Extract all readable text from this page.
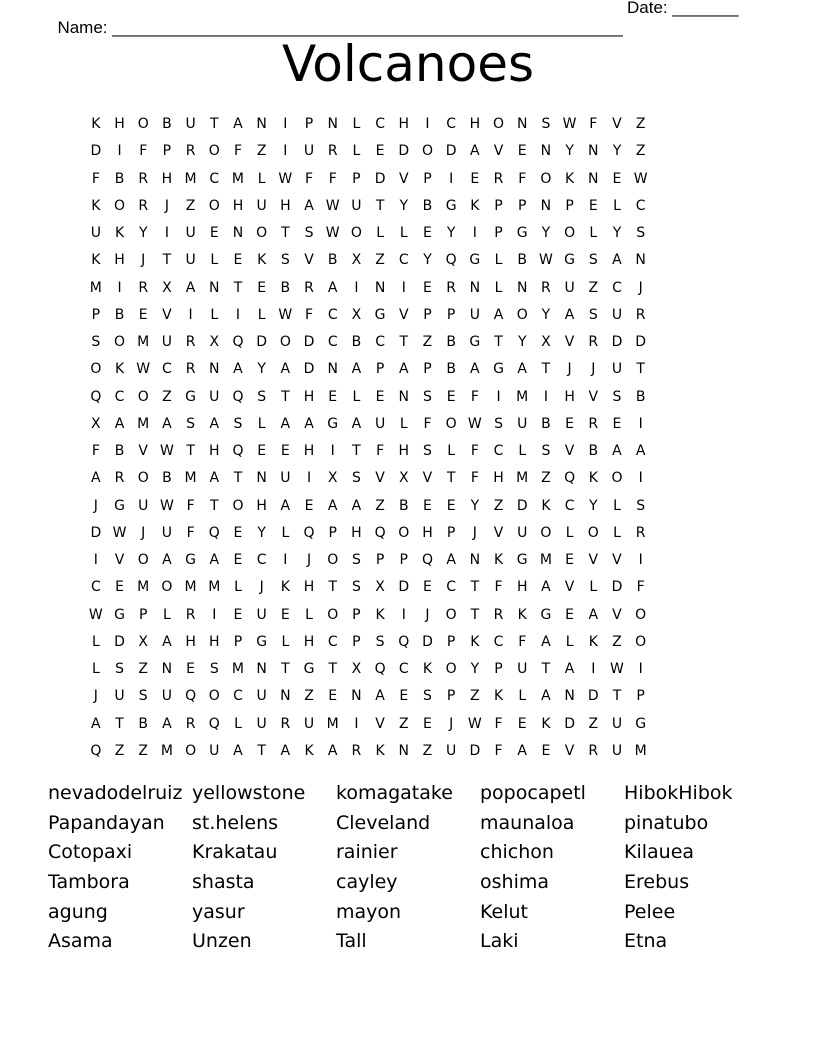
Name: ______________________________________________________

Date: _______

Volcanoes
K H O B U T A N I P N L C H I C H O N S W F V Z
D I F P R O F Z I U R L E D O D A V E N Y N Y Z
F B R H M C M L W F F P D V P I E R F O K N E W
K O R J Z O H U H A W U T Y B G K P P N P E L C
U K Y I U E N O T S W O L L E Y I P G Y O L Y S
K H J T U L E K S V B X Z C Y Q G L B W G S A N
M I R X A N T E B R A I N I E R N L N R U Z C J
P B E V I L I L W F C X G V P P U A O Y A S U R
S O M U R X Q D O D C B C T Z B G T Y X V R D D
O K W C R N A Y A D N A P A P B A G A T J J U T
Q C O Z G U Q S T H E L E N S E F I M I H V S B
X A M A S A S L A A G A U L F O W S U B E R E I
F B V W T H Q E E H I T F H S L F C L S V B A A
A R O B M A T N U I X S V X V T F H M Z Q K O I
J G U W F T O H A E A A Z B E E Y Z D K C Y L S
D W J U F Q E Y L Q P H Q O H P J V U O L O L R
I V O A G A E C I J O S P P Q A N K G M E V V I
C E M O M M L J K H T S X D E C T F H A V L D F
W G P L R I E U E L O P K I J O T R K G E A V O
L D X A H H P G L H C P S Q D P K C F A L K Z O
L S Z N E S M N T G T X Q C K O Y P U T A I W I
J U S U Q O C U N Z E N A E S P Z K L A N D T P
A T B A R Q L U R U M I V Z E J W F E K D Z U G
Q Z Z M O U A T A K A R K N Z U D F A E V R U M
nevadodelruiz yellowstone komagatake popocapetl HibokHibok
Papandayan st.helens	Cleveland	maunaloa	pinatubo
Cotopaxi	Krakatau	rainier	chichon	Kilauea
Tambora	shasta	cayley	oshima	Erebus
agung	yasur	mayon	Kelut	Pelee
Asama	Unzen	Tall	Laki	Etna
